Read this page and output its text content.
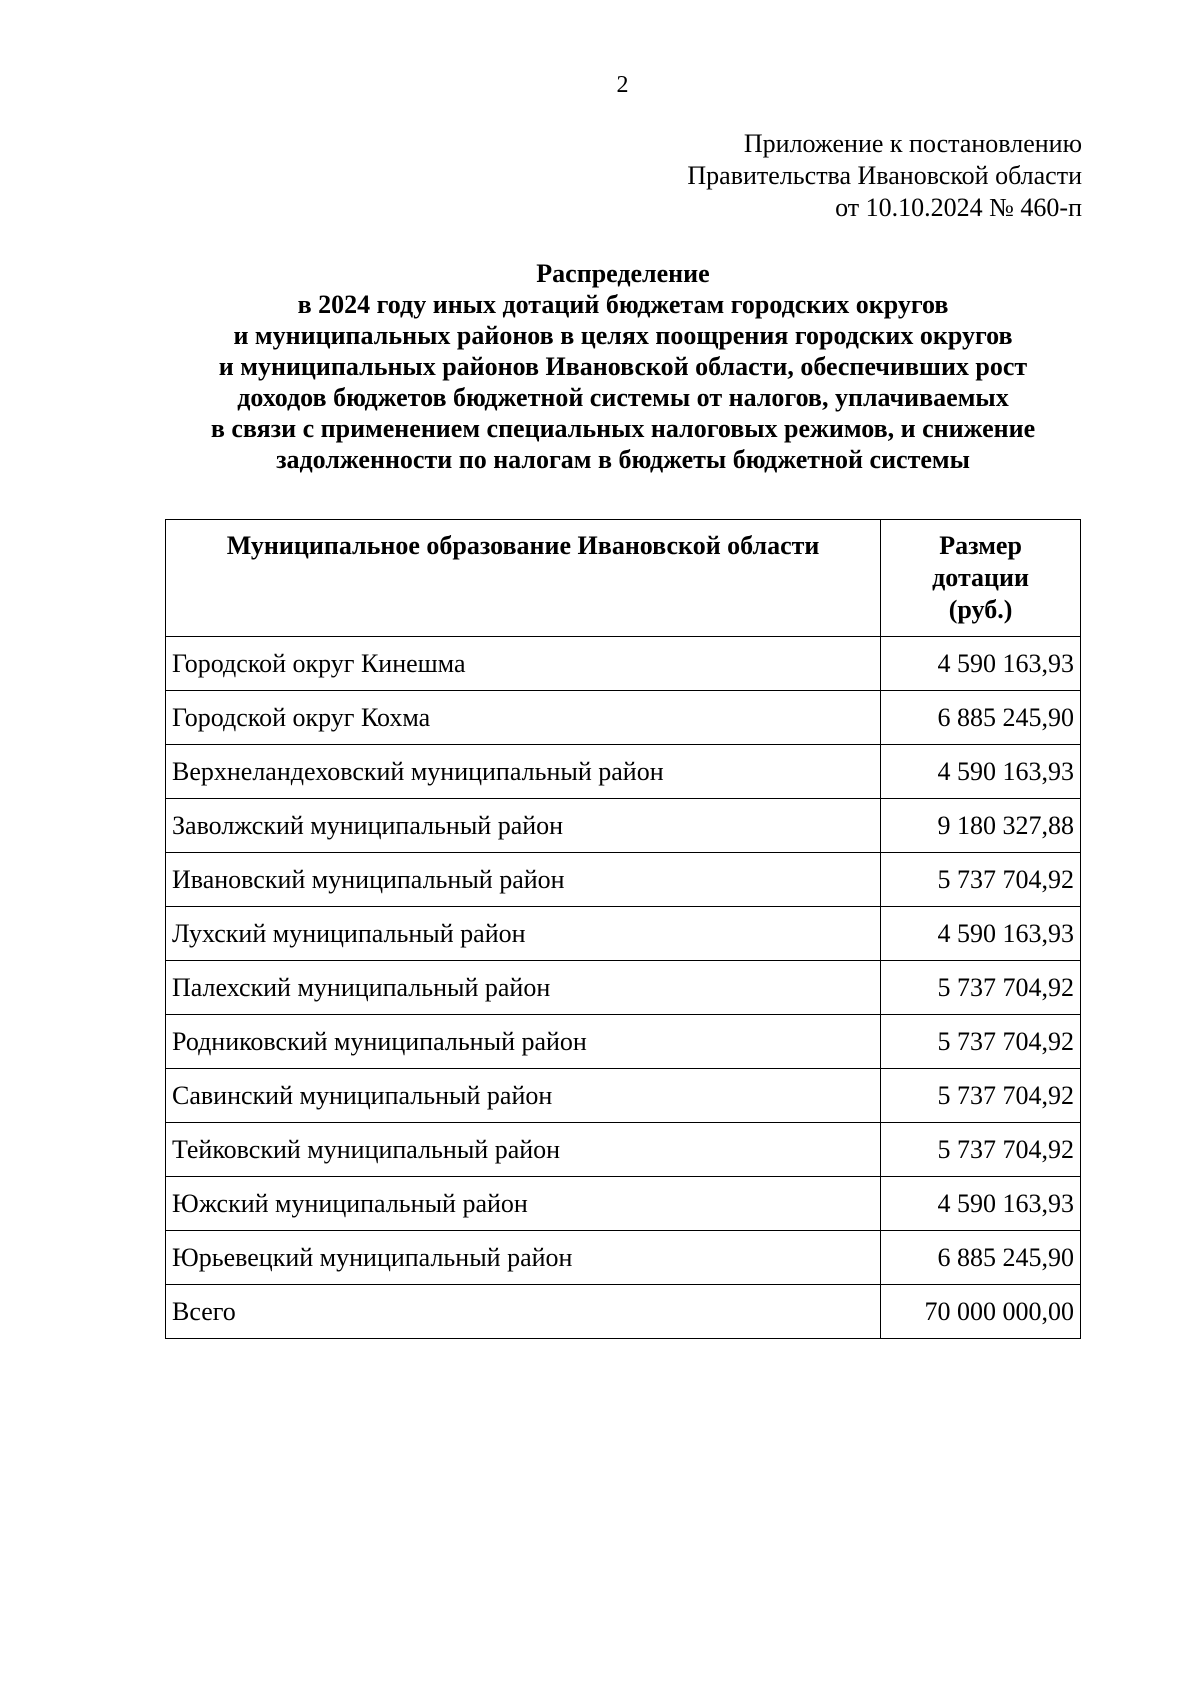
2
Приложение к постановлению
Правительства Ивановской области
от 10.10.2024 № 460-п
Распределение
в 2024 году иных дотаций бюджетам городских округов
и муниципальных районов в целях поощрения городских округов
и муниципальных районов Ивановской области, обеспечивших рост
доходов бюджетов бюджетной системы от налогов, уплачиваемых
в связи с применением специальных налоговых режимов, и снижение
задолженности по налогам в бюджеты бюджетной системы
Муниципальное образование Ивановской области	Размер
дотации
(руб.)

Городской округ Кинешма	4 590 163,93
Городской округ Кохма	6 885 245,90
Верхнеландеховский муниципальный район	4 590 163,93
Заволжский муниципальный район	9 180 327,88
Ивановский муниципальный район	5 737 704,92
Лухский муниципальный район	4 590 163,93
Палехский муниципальный район	5 737 704,92
Родниковский муниципальный район	5 737 704,92
Савинский муниципальный район	5 737 704,92
Тейковский муниципальный район	5 737 704,92
Южский муниципальный район	4 590 163,93
Юрьевецкий муниципальный район	6 885 245,90
Всего	70 000 000,00
